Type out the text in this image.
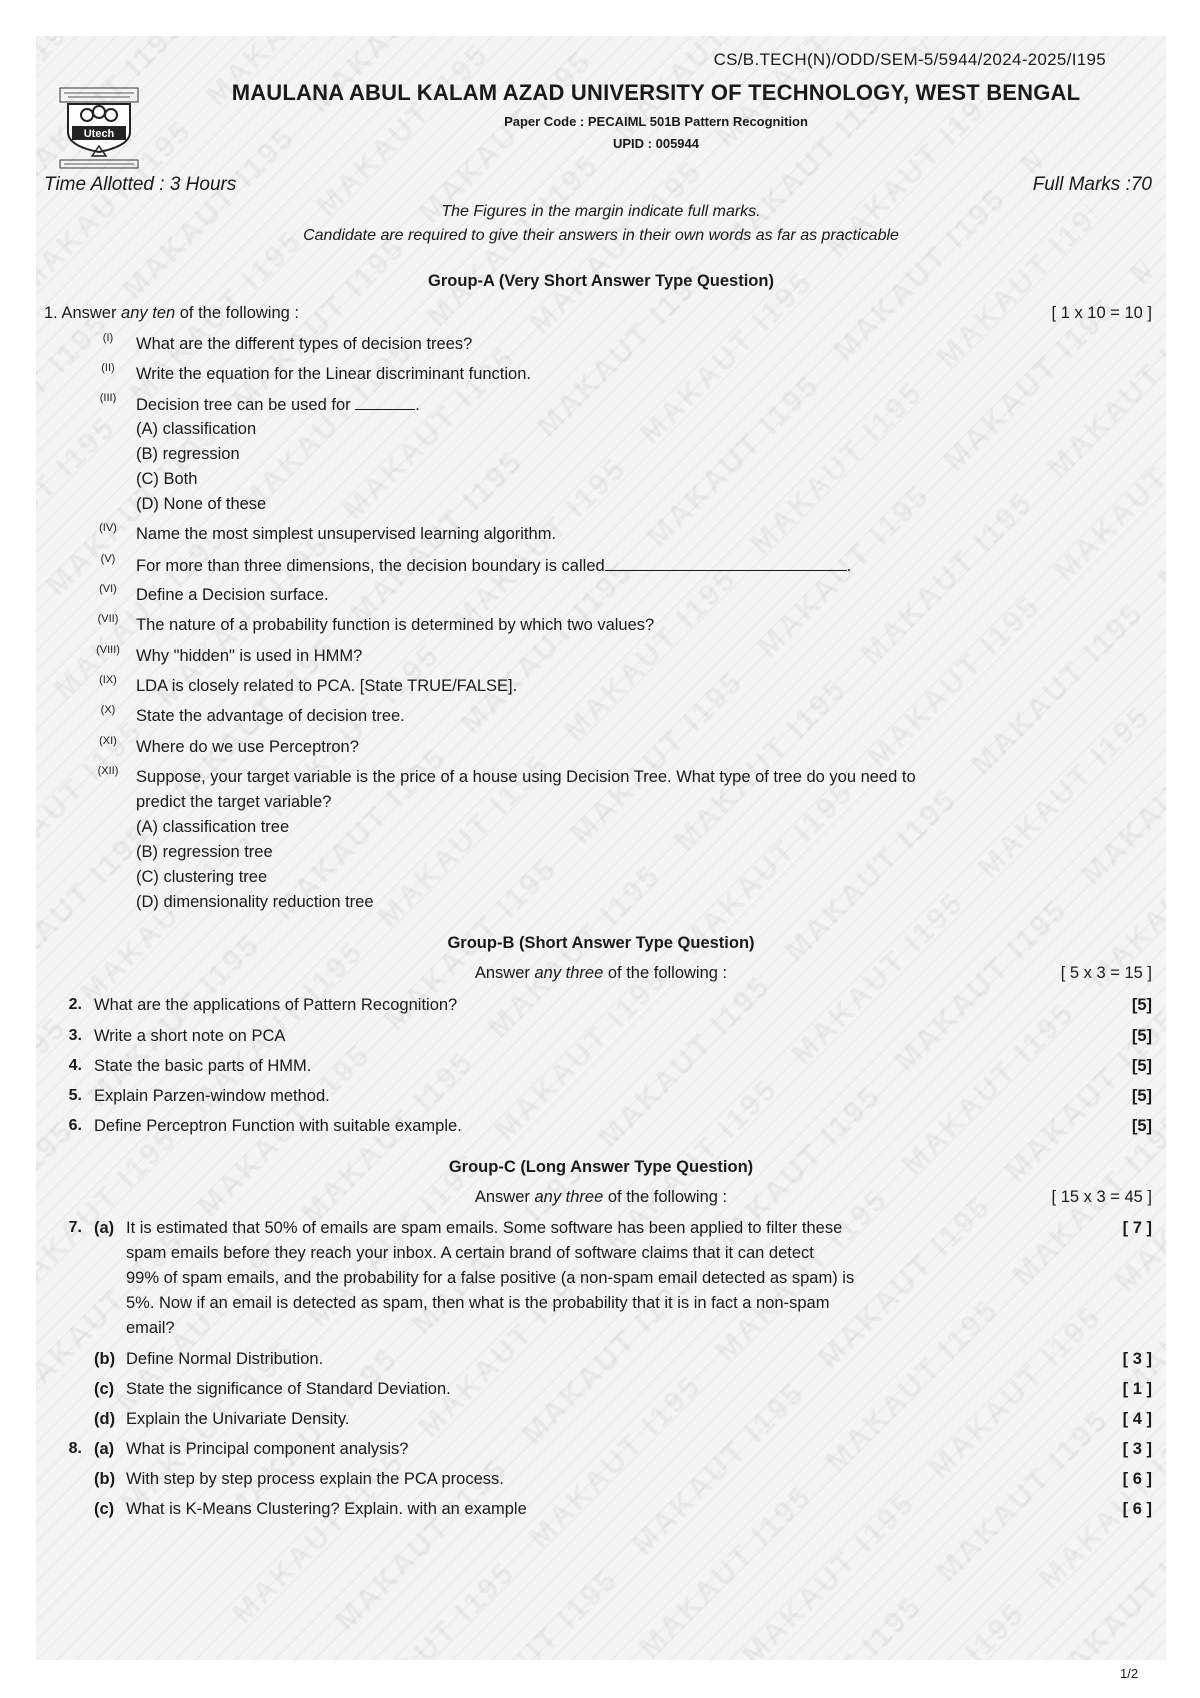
CS/B.TECH(N)/ODD/SEM-5/5944/2024-2025/I195
Utech
MAULANA ABUL KALAM AZAD UNIVERSITY OF TECHNOLOGY, WEST BENGAL
Paper Code : PECAIML 501B Pattern Recognition
UPID : 005944
Time Allotted : 3 Hours	Full Marks :70
The Figures in the margin indicate full marks.
Candidate are required to give their answers in their own words as far as practicable
Group-A (Very Short Answer Type Question)
1. Answer any ten of the following :	[ 1 x 10 = 10 ]
(I)	What are the different types of decision trees?
(II)	Write the equation for the Linear discriminant function.
(III)	Decision tree can be used for	.
(A) classification
(B) regression
(C) Both
(D) None of these
(IV)	Name the most simplest unsupervised learning algorithm.
(V)	For more than three dimensions, the decision boundary is called	.
(VI)	Define a Decision surface.
(VII)	The nature of a probability function is determined by which two values?
(VIII) Why "hidden" is used in HMM?
(IX)	LDA is closely related to PCA. [State TRUE/FALSE].
(X)	State the advantage of decision tree.
(XI)	Where do we use Perceptron?
(XII)	Suppose, your target variable is the price of a house using Decision Tree. What type of tree do you need to
predict the target variable?
(A) classification tree
(B) regression tree
(C) clustering tree
(D) dimensionality reduction tree
Group-B (Short Answer Type Question)
Answer any three of the following :	[ 5 x 3 = 15 ]
2. What are the applications of Pattern Recognition?	[5]
3. Write a short note on PCA	[5]
4. State the basic parts of HMM.	[5]
5. Explain Parzen-window method.	[5]
6. Define Perceptron Function with suitable example.	[5]
Group-C (Long Answer Type Question)
Answer any three of the following :	[ 15 x 3 = 45 ]
7. (a) It is estimated that 50% of emails are spam emails. Some software has been applied to filter these
spam emails before they reach your inbox. A certain brand of software claims that it can detect
99% of spam emails, and the probability for a false positive (a non-spam email detected as spam) is
5%. Now if an email is detected as spam, then what is the probability that it is in fact a non-spam
email?
[ 7 ]
(b) Define Normal Distribution.	[ 3 ]
(c) State the significance of Standard Deviation.	[ 1 ]
(d) Explain the Univariate Density.	[ 4 ]
8. (a) What is Principal component analysis?	[ 3 ]
(b) With step by step process explain the PCA process.	[ 6 ]
(c) What is K-Means Clustering? Explain. with an example	[ 6 ]
1/2
